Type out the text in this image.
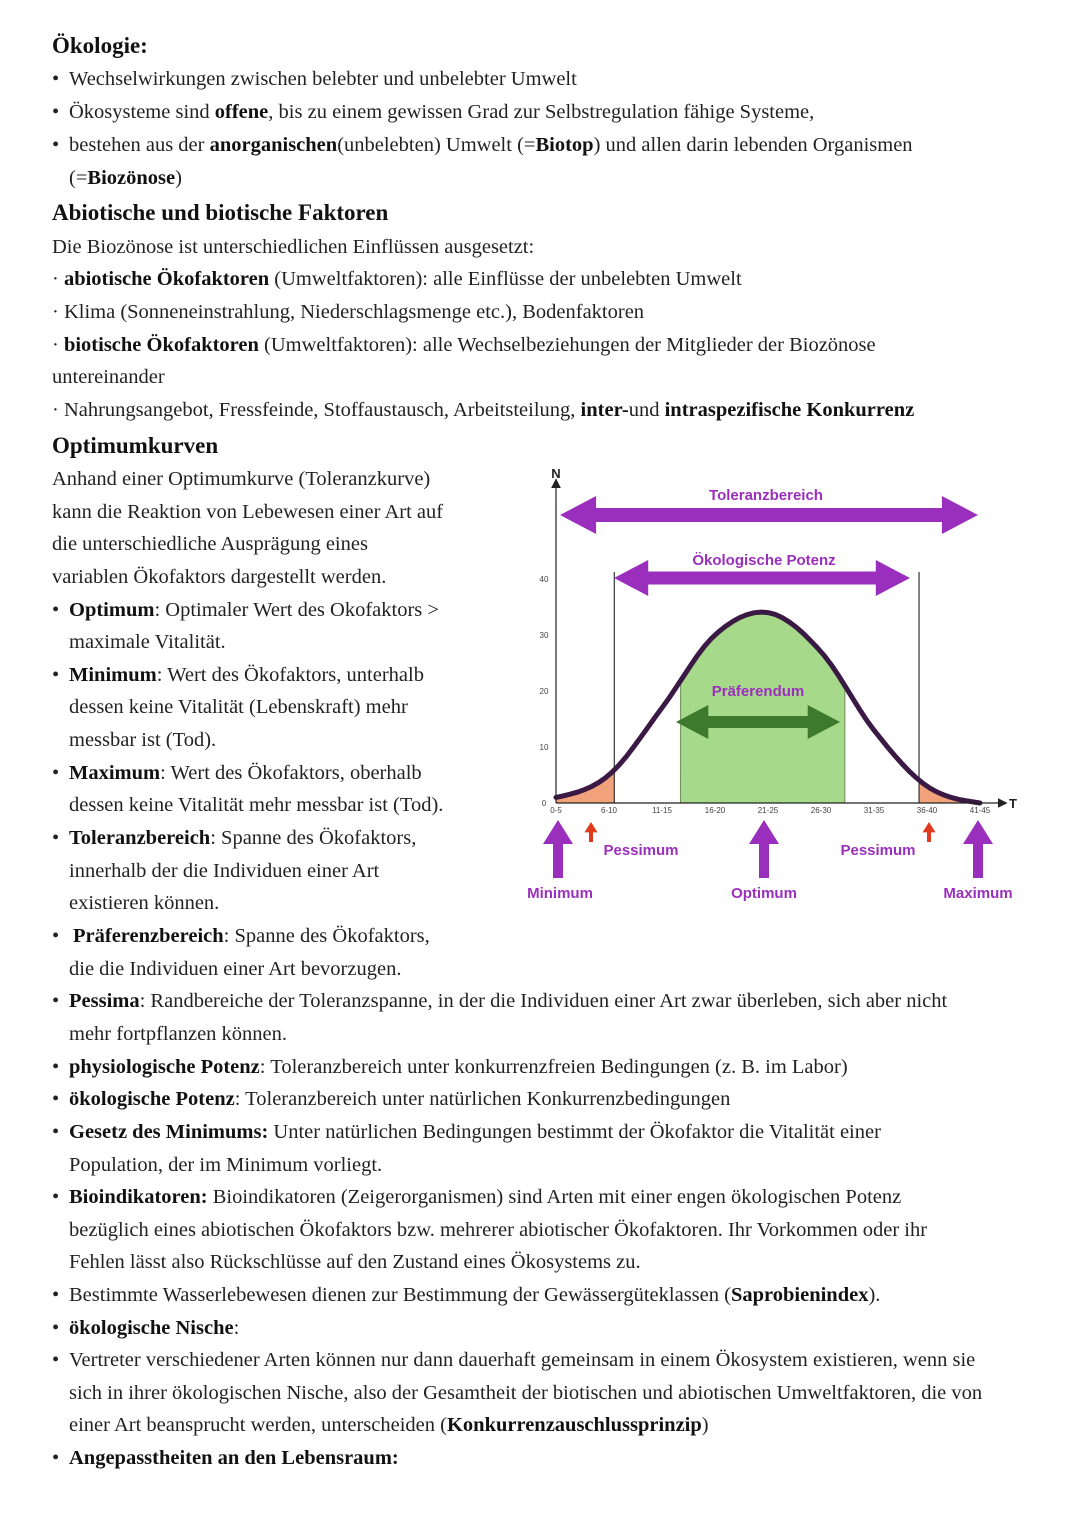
Ökologie:
• Wechselwirkungen zwischen belebter und unbelebter Umwelt
• Ökosysteme sind offene, bis zu einem gewissen Grad zur Selbstregulation fähige Systeme,
• bestehen aus der anorganischen(unbelebten) Umwelt (=Biotop) und allen darin lebenden Organismen
(=Biozönose)
Abiotische und biotische Faktoren
Die Biozönose ist unterschiedlichen Einflüssen ausgesetzt:
· abiotische Ökofaktoren (Umweltfaktoren): alle Einflüsse der unbelebten Umwelt
· Klima (Sonneneinstrahlung, Niederschlagsmenge etc.), Bodenfaktoren
· biotische Ökofaktoren (Umweltfaktoren): alle Wechselbeziehungen der Mitglieder der Biozönose
untereinander
· Nahrungsangebot, Fressfeinde, Stoffaustausch, Arbeitsteilung, inter-und intraspezifische Konkurrenz
Optimumkurven
Anhand einer Optimumkurve (Toleranzkurve)
kann die Reaktion von Lebewesen einer Art auf
die unterschiedliche Ausprägung eines
variablen Ökofaktors dargestellt werden.
• Optimum: Optimaler Wert des Okofaktors >
maximale Vitalität.
• Minimum: Wert des Ökofaktors, unterhalb
dessen keine Vitalität (Lebenskraft) mehr
messbar ist (Tod).
• Maximum: Wert des Ökofaktors, oberhalb
dessen keine Vitalität mehr messbar ist (Tod).
• Toleranzbereich: Spanne des Ökofaktors,
innerhalb der die Individuen einer Art
existieren können.
• Präferenzbereich: Spanne des Ökofaktors,
die die Individuen einer Art bevorzugen.
• Pessima: Randbereiche der Toleranzspanne, in der die Individuen einer Art zwar überleben, sich aber nicht
mehr fortpflanzen können.
• physiologische Potenz: Toleranzbereich unter konkurrenzfreien Bedingungen (z. B. im Labor)
• ökologische Potenz: Toleranzbereich unter natürlichen Konkurrenzbedingungen
• Gesetz des Minimums: Unter natürlichen Bedingungen bestimmt der Ökofaktor die Vitalität einer
Population, der im Minimum vorliegt.
• Bioindikatoren: Bioindikatoren (Zeigerorganismen) sind Arten mit einer engen ökologischen Potenz
bezüglich eines abiotischen Ökofaktors bzw. mehrerer abiotischer Ökofaktoren. Ihr Vorkommen oder ihr
Fehlen lässt also Rückschlüsse auf den Zustand eines Ökosystems zu.
• Bestimmte Wasserlebewesen dienen zur Bestimmung der Gewässergüteklassen (Saprobienindex).
• ökologische Nische:
• Vertreter verschiedener Arten können nur dann dauerhaft gemeinsam in einem Ökosystem existieren, wenn sie
sich in ihrer ökologischen Nische, also der Gesamtheit der biotischen und abiotischen Umweltfaktoren, die von
einer Art beansprucht werden, unterscheiden (Konkurrenzauschlussprinzip)
• Angepasstheiten an den Lebensraum:
N
T
0
10
20
30
40
0-5	6-10	11-15	16-20	21-25	26-30	31-35	36-40	41-45
Toleranzbereich
Ökologische Potenz
Präferendum
Pessimum	Pessimum
Minimum	Optimum	Maximum
